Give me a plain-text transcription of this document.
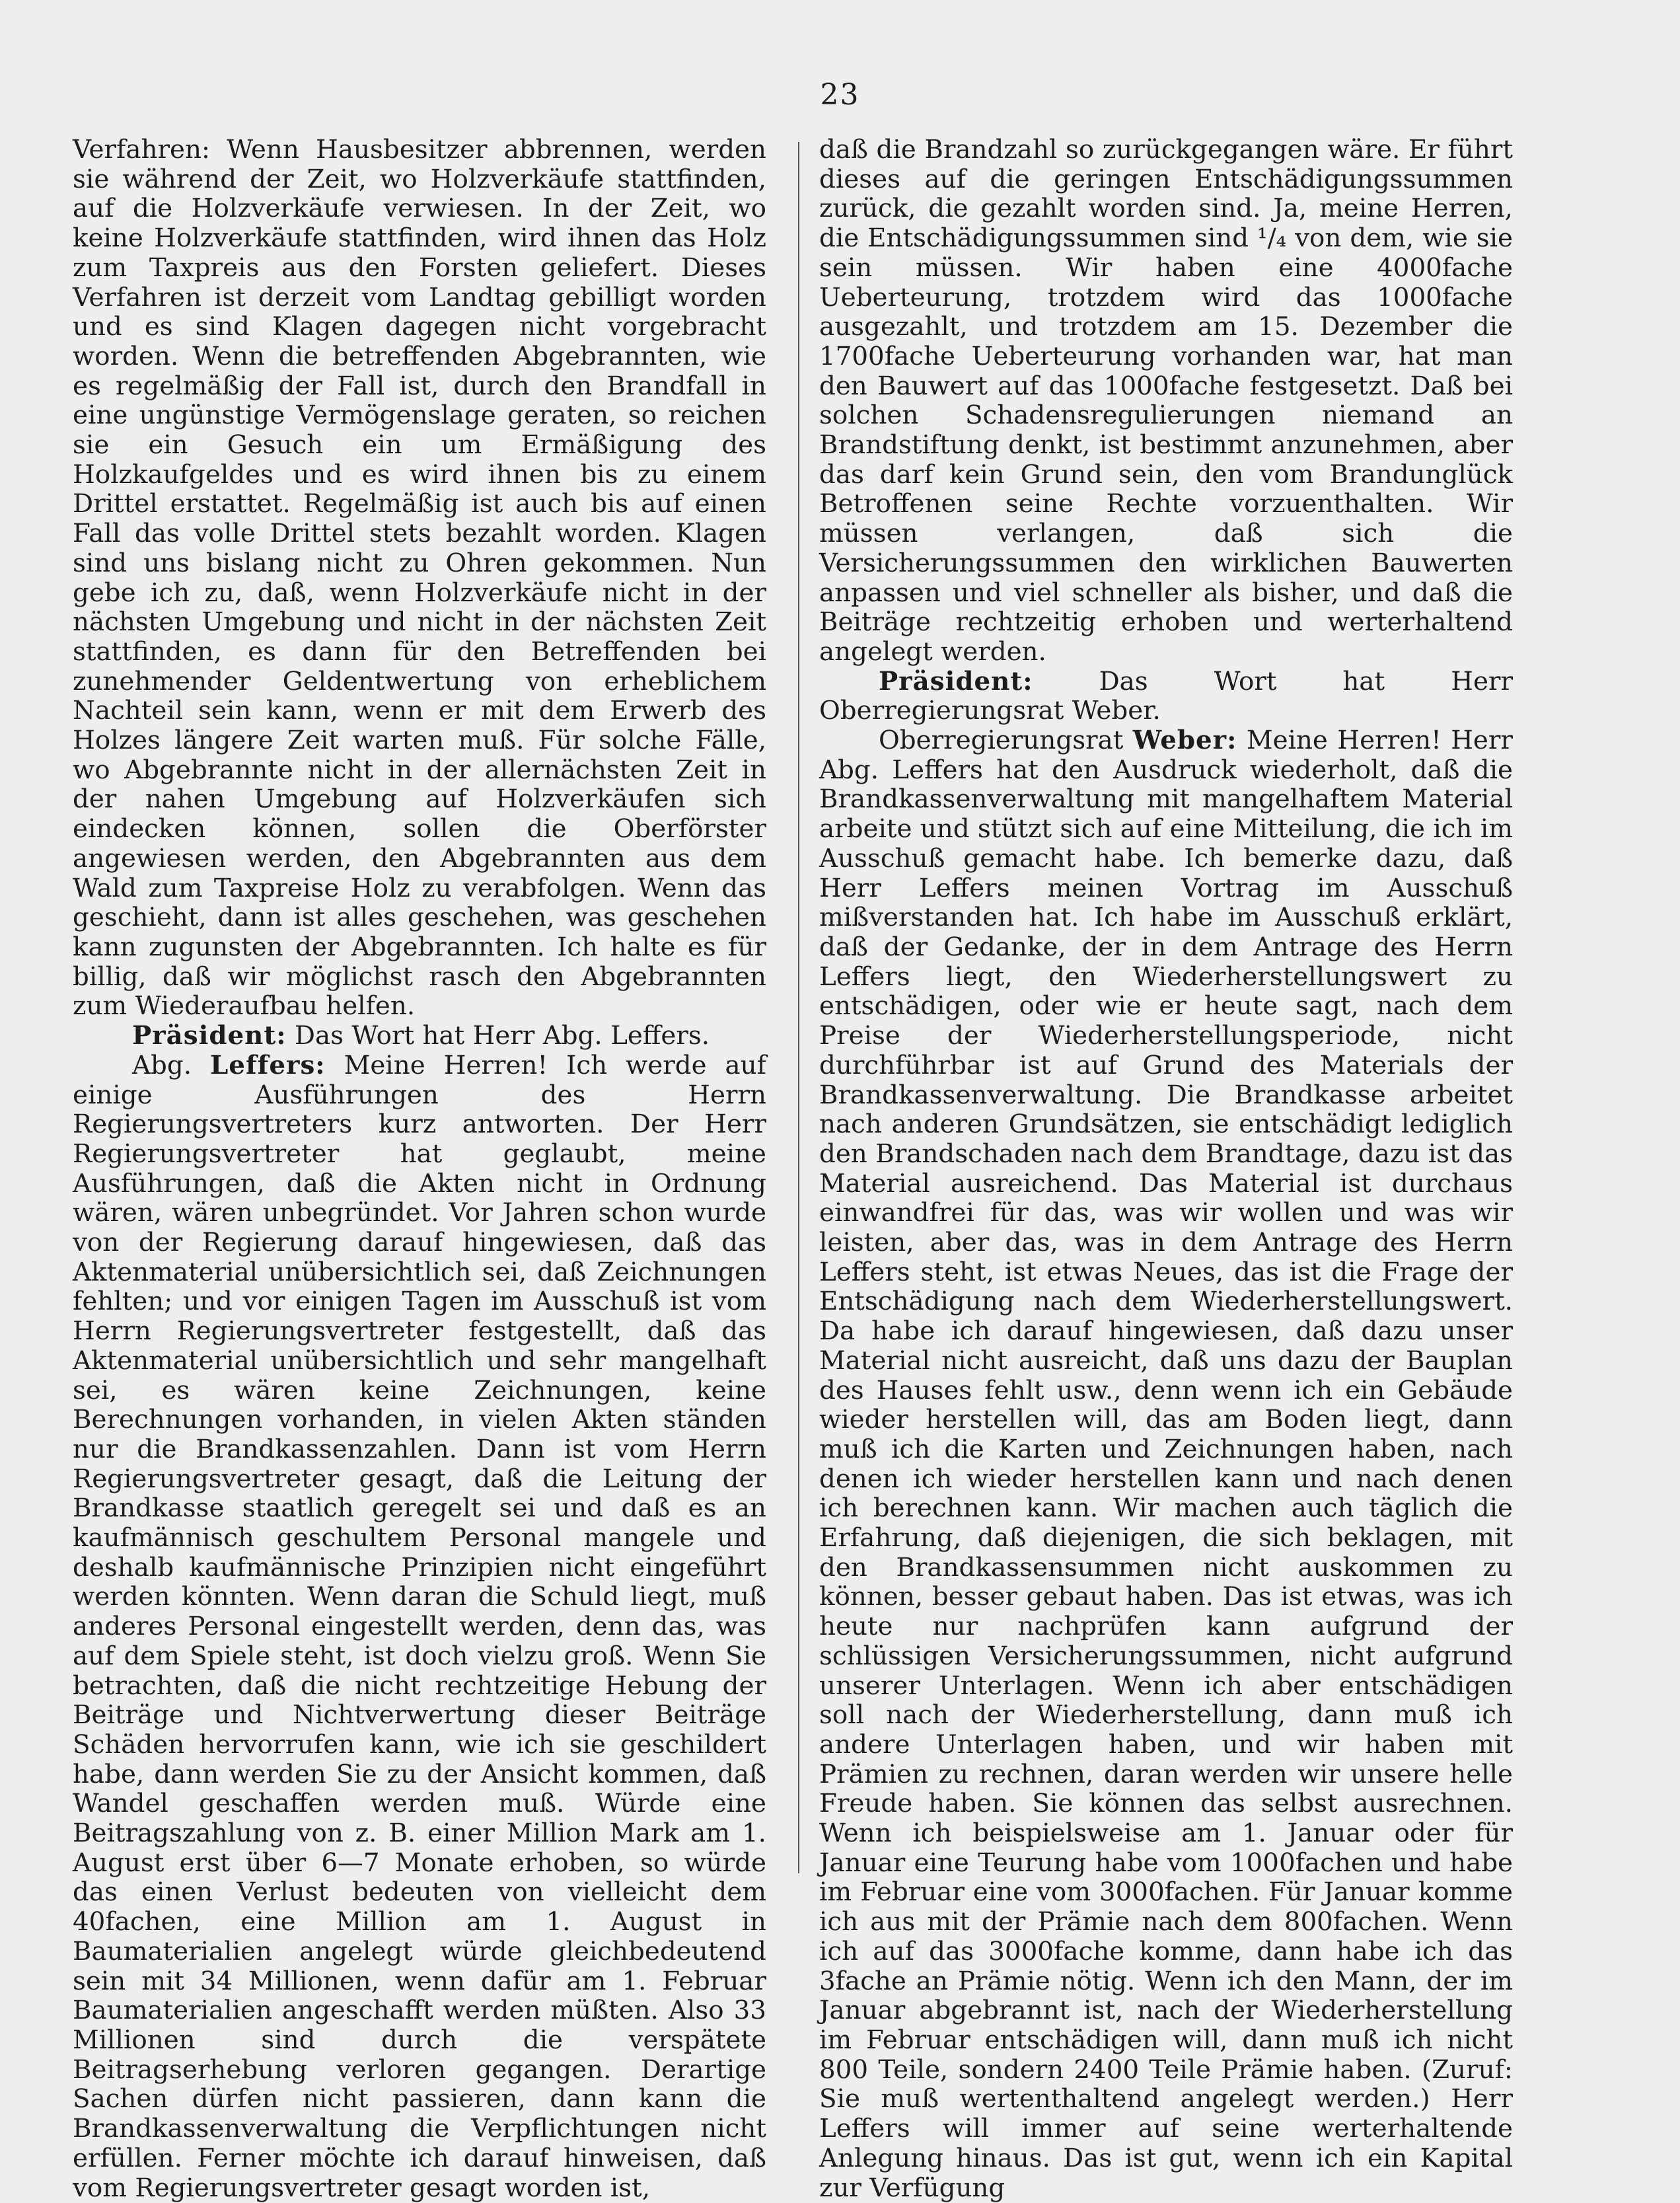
23

Verfahren: Wenn Hausbesitzer abbrennen, werden sie während der Zeit, wo Holzverkäufe stattfinden, auf die Holzverkäufe verwiesen. In der Zeit, wo keine Holzverkäufe stattfinden, wird ihnen das Holz zum Taxpreis aus den Forsten geliefert. Dieses Verfahren ist derzeit vom Landtag gebilligt worden und es sind Klagen dagegen nicht vorgebracht worden. Wenn die betreffenden Abgebrannten, wie es regelmäßig der Fall ist, durch den Brandfall in eine ungünstige Vermögenslage geraten, so reichen sie ein Gesuch ein um Ermäßigung des Holzkaufgeldes und es wird ihnen bis zu einem Drittel erstattet. Regelmäßig ist auch bis auf einen Fall das volle Drittel stets bezahlt worden. Klagen sind uns bislang nicht zu Ohren gekommen. Nun gebe ich zu, daß, wenn Holzverkäufe nicht in der nächsten Umgebung und nicht in der nächsten Zeit stattfinden, es dann für den Betreffenden bei zunehmender Geldentwertung von erheblichem Nachteil sein kann, wenn er mit dem Erwerb des Holzes längere Zeit warten muß. Für solche Fälle, wo Abgebrannte nicht in der allernächsten Zeit in der nahen Umgebung auf Holzverkäufen sich eindecken können, sollen die Oberförster angewiesen werden, den Abgebrannten aus dem Wald zum Taxpreise Holz zu verabfolgen. Wenn das geschieht, dann ist alles geschehen, was geschehen kann zugunsten der Abgebrannten. Ich halte es für billig, daß wir möglichst rasch den Abgebrannten zum Wiederaufbau helfen.

Präsident: Das Wort hat Herr Abg. Leffers.

Abg. Leffers: Meine Herren! Ich werde auf einige Ausführungen des Herrn Regierungsvertreters kurz antworten. Der Herr Regierungsvertreter hat geglaubt, meine Ausführungen, daß die Akten nicht in Ordnung wären, wären unbegründet. Vor Jahren schon wurde von der Regierung darauf hingewiesen, daß das Aktenmaterial unübersichtlich sei, daß Zeichnungen fehlten; und vor einigen Tagen im Ausschuß ist vom Herrn Regierungsvertreter festgestellt, daß das Aktenmaterial unübersichtlich und sehr mangelhaft sei, es wären keine Zeichnungen, keine Berechnungen vorhanden, in vielen Akten ständen nur die Brandkassenzahlen. Dann ist vom Herrn Regierungsvertreter gesagt, daß die Leitung der Brandkasse staatlich geregelt sei und daß es an kaufmännisch geschultem Personal mangele und deshalb kaufmännische Prinzipien nicht eingeführt werden könnten. Wenn daran die Schuld liegt, muß anderes Personal eingestellt werden, denn das, was auf dem Spiele steht, ist doch vielzu groß. Wenn Sie betrachten, daß die nicht rechtzeitige Hebung der Beiträge und Nichtverwertung dieser Beiträge Schäden hervorrufen kann, wie ich sie geschildert habe, dann werden Sie zu der Ansicht kommen, daß Wandel geschaffen werden muß. Würde eine Beitragszahlung von z. B. einer Million Mark am 1. August erst über 6—7 Monate erhoben, so würde das einen Verlust bedeuten von vielleicht dem 40fachen, eine Million am 1. August in Baumaterialien angelegt würde gleichbedeutend sein mit 34 Millionen, wenn dafür am 1. Februar Baumaterialien angeschafft werden müßten. Also 33 Millionen sind durch die verspätete Beitragserhebung verloren gegangen. Derartige Sachen dürfen nicht passieren, dann kann die Brandkassenverwaltung die Verpflichtungen nicht erfüllen. Ferner möchte ich darauf hinweisen, daß vom Regierungsvertreter gesagt worden ist,

daß die Brandzahl so zurückgegangen wäre. Er führt dieses auf die geringen Entschädigungssummen zurück, die gezahlt worden sind. Ja, meine Herren, die Entschädigungssummen sind ¹/₄ von dem, wie sie sein müssen. Wir haben eine 4000fache Ueberteurung, trotzdem wird das 1000fache ausgezahlt, und trotzdem am 15. Dezember die 1700fache Ueberteurung vorhanden war, hat man den Bauwert auf das 1000fache festgesetzt. Daß bei solchen Schadensregulierungen niemand an Brandstiftung denkt, ist bestimmt anzunehmen, aber das darf kein Grund sein, den vom Brandunglück Betroffenen seine Rechte vorzuenthalten. Wir müssen verlangen, daß sich die Versicherungssummen den wirklichen Bauwerten anpassen und viel schneller als bisher, und daß die Beiträge rechtzeitig erhoben und werterhaltend angelegt werden.

Präsident: Das Wort hat Herr Oberregierungsrat Weber.

Oberregierungsrat Weber: Meine Herren! Herr Abg. Leffers hat den Ausdruck wiederholt, daß die Brandkassenverwaltung mit mangelhaftem Material arbeite und stützt sich auf eine Mitteilung, die ich im Ausschuß gemacht habe. Ich bemerke dazu, daß Herr Leffers meinen Vortrag im Ausschuß mißverstanden hat. Ich habe im Ausschuß erklärt, daß der Gedanke, der in dem Antrage des Herrn Leffers liegt, den Wiederherstellungswert zu entschädigen, oder wie er heute sagt, nach dem Preise der Wiederherstellungsperiode, nicht durchführbar ist auf Grund des Materials der Brandkassenverwaltung. Die Brandkasse arbeitet nach anderen Grundsätzen, sie entschädigt lediglich den Brandschaden nach dem Brandtage, dazu ist das Material ausreichend. Das Material ist durchaus einwandfrei für das, was wir wollen und was wir leisten, aber das, was in dem Antrage des Herrn Leffers steht, ist etwas Neues, das ist die Frage der Entschädigung nach dem Wiederherstellungswert. Da habe ich darauf hingewiesen, daß dazu unser Material nicht ausreicht, daß uns dazu der Bauplan des Hauses fehlt usw., denn wenn ich ein Gebäude wieder herstellen will, das am Boden liegt, dann muß ich die Karten und Zeichnungen haben, nach denen ich wieder herstellen kann und nach denen ich berechnen kann. Wir machen auch täglich die Erfahrung, daß diejenigen, die sich beklagen, mit den Brandkassensummen nicht auskommen zu können, besser gebaut haben. Das ist etwas, was ich heute nur nachprüfen kann aufgrund der schlüssigen Versicherungssummen, nicht aufgrund unserer Unterlagen. Wenn ich aber entschädigen soll nach der Wiederherstellung, dann muß ich andere Unterlagen haben, und wir haben mit Prämien zu rechnen, daran werden wir unsere helle Freude haben. Sie können das selbst ausrechnen. Wenn ich beispielsweise am 1. Januar oder für Januar eine Teurung habe vom 1000fachen und habe im Februar eine vom 3000fachen. Für Januar komme ich aus mit der Prämie nach dem 800fachen. Wenn ich auf das 3000fache komme, dann habe ich das 3fache an Prämie nötig. Wenn ich den Mann, der im Januar abgebrannt ist, nach der Wiederherstellung im Februar entschädigen will, dann muß ich nicht 800 Teile, sondern 2400 Teile Prämie haben. (Zuruf: Sie muß wertenthaltend angelegt werden.) Herr Leffers will immer auf seine werterhaltende Anlegung hinaus. Das ist gut, wenn ich ein Kapital zur Verfügung
